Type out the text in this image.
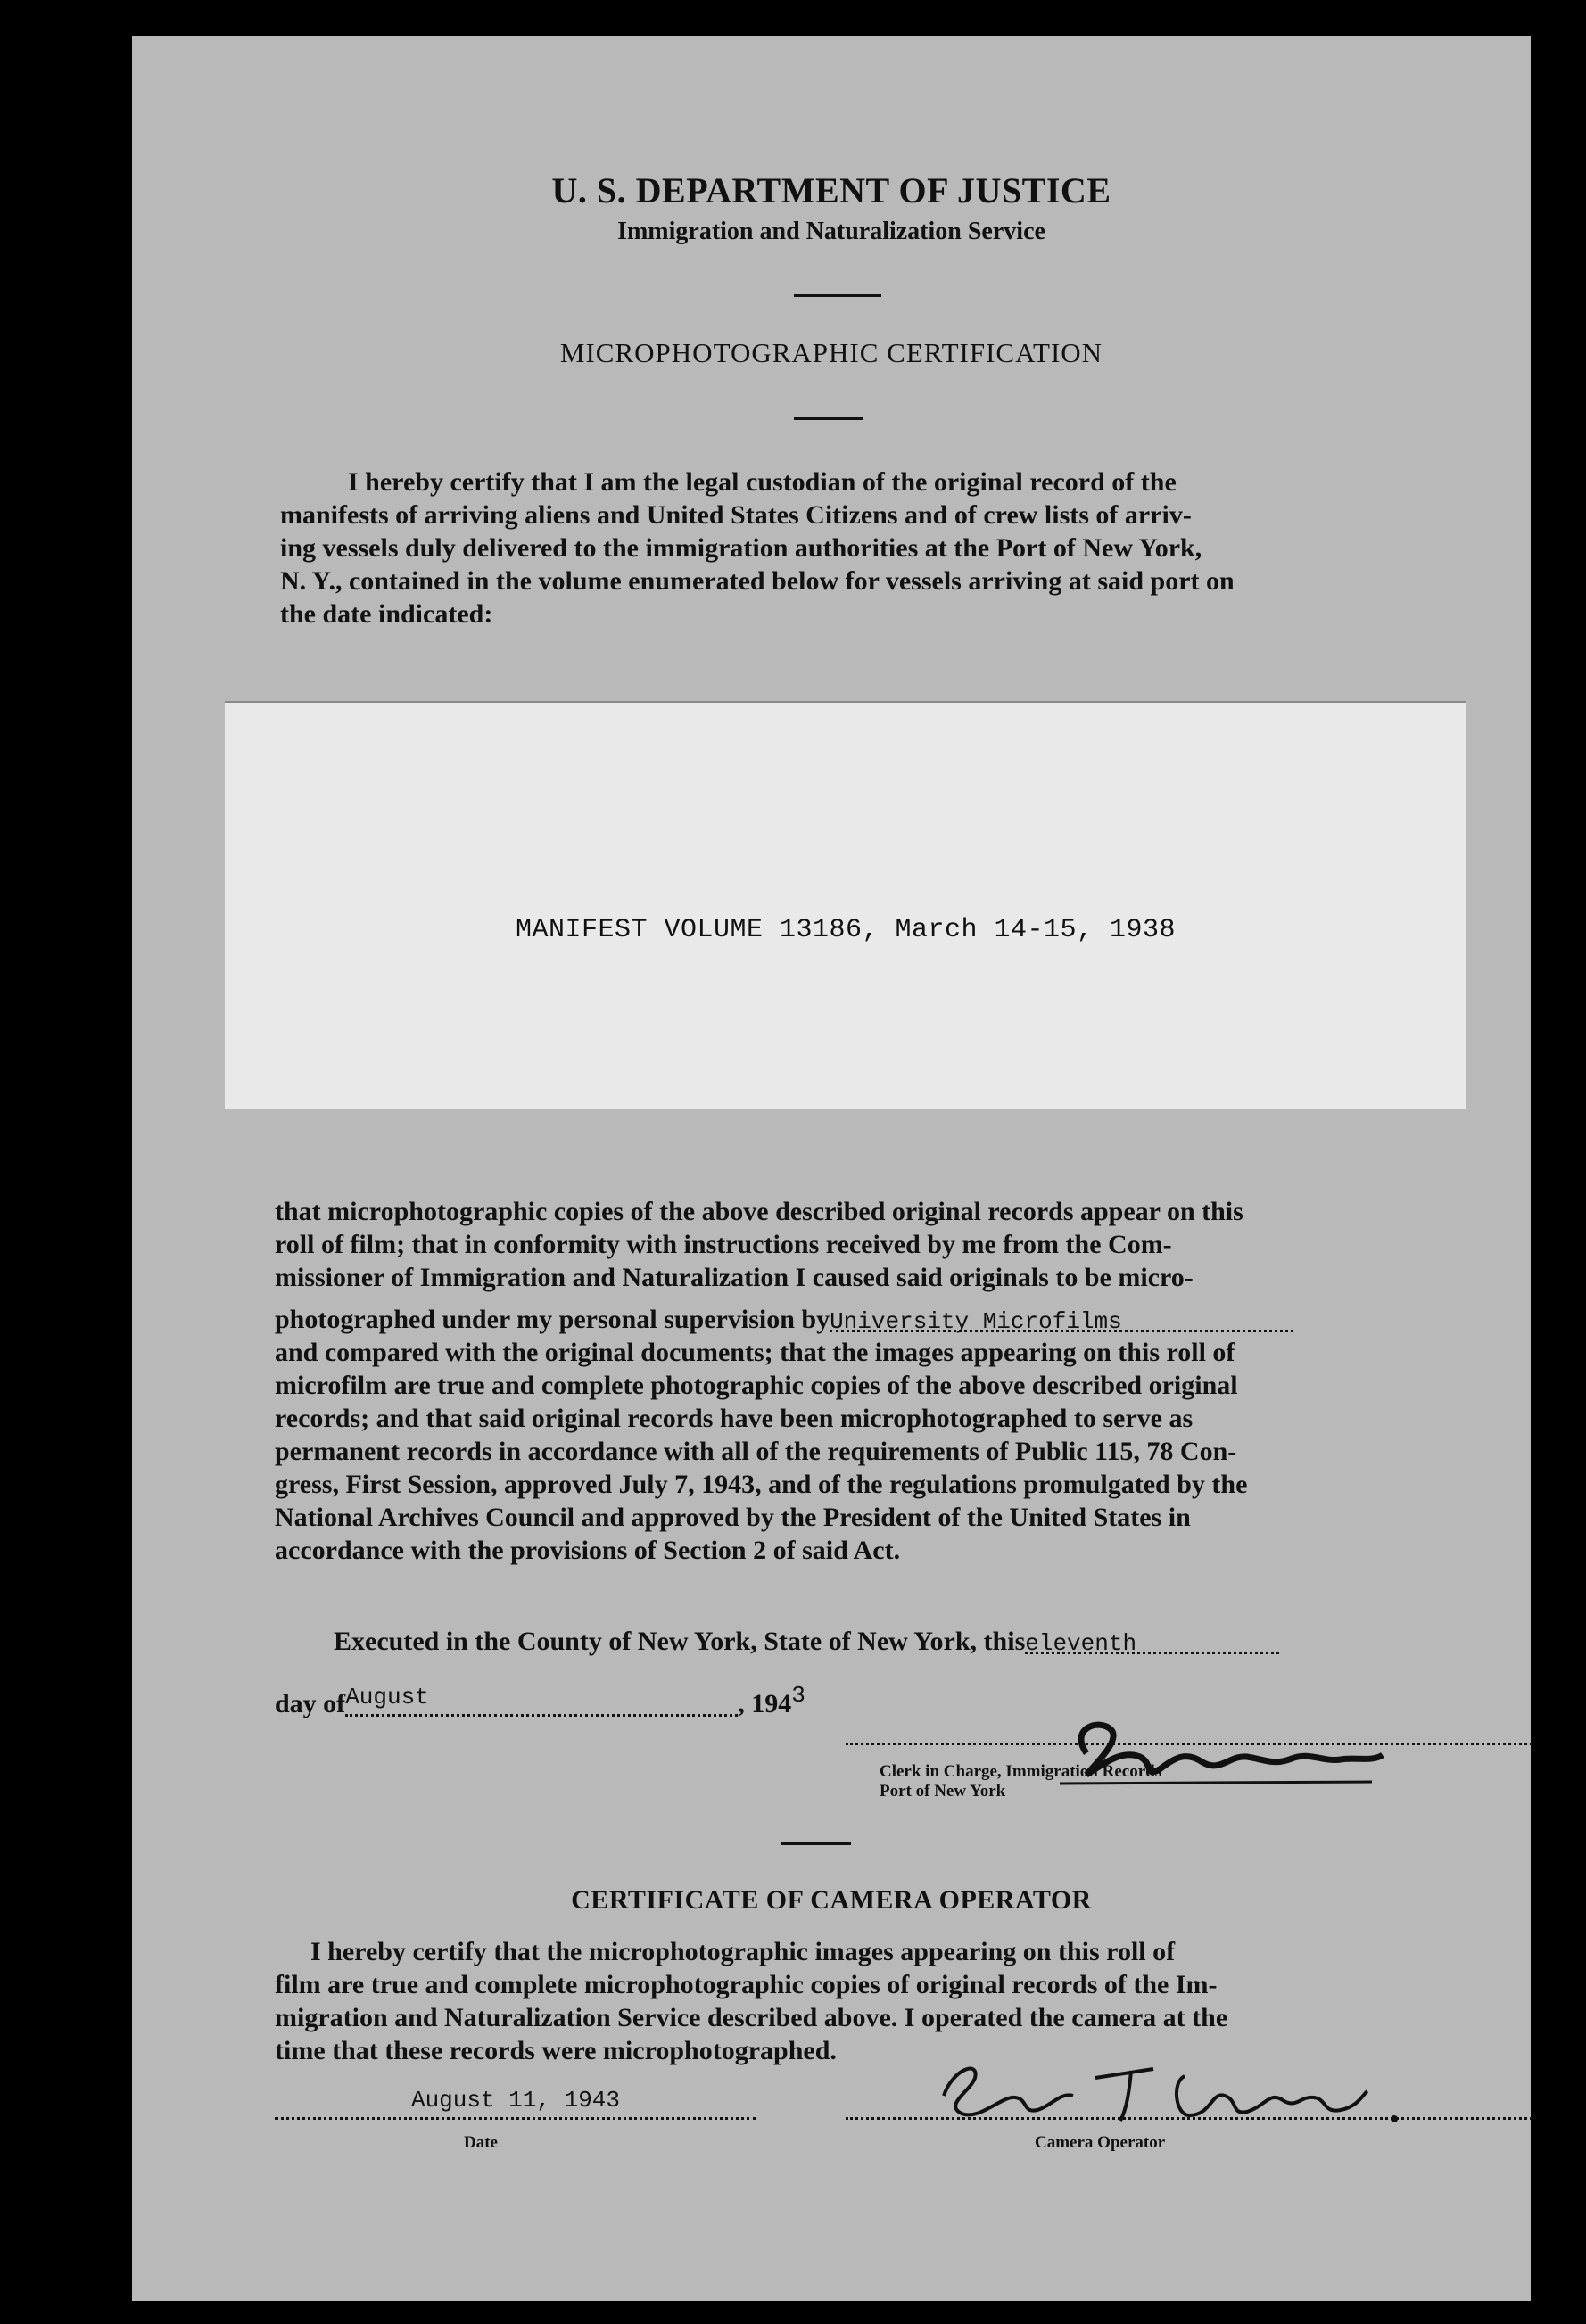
U. S. DEPARTMENT OF JUSTICE
Immigration and Naturalization Service
MICROPHOTOGRAPHIC CERTIFICATION

I hereby certify that I am the legal custodian of the original record of the

manifests of arriving aliens and United States Citizens and of crew lists of arriv-

ing vessels duly delivered to the immigration authorities at the Port of New York,

N. Y., contained in the volume enumerated below for vessels arriving at said port on

the date indicated:

MANIFEST VOLUME 13186, March 14-15, 1938

that microphotographic copies of the above described original records appear on this

roll of film; that in conformity with instructions received by me from the Com-

missioner of Immigration and Naturalization I caused said originals to be micro-

photographed under my personal supervision byUniversity Microfilms

and compared with the original documents; that the images appearing on this roll of

microfilm are true and complete photographic copies of the above described original

records; and that said original records have been microphotographed to serve as

permanent records in accordance with all of the requirements of Public 115, 78 Con-

gress, First Session, approved July 7, 1943, and of the regulations promulgated by the

National Archives Council and approved by the President of the United States in

accordance with the provisions of Section 2 of said Act.

Executed in the County of New York, State of New York, thiseleventh
day ofAugust	, 1943
Clerk in Charge, Immigration Records
Port of New York
CERTIFICATE OF CAMERA OPERATOR

I hereby certify that the microphotographic images appearing on this roll of

film are true and complete microphotographic copies of original records of the Im-

migration and Naturalization Service described above. I operated the camera at the

time that these records were microphotographed.

August 11, 1943
Date	Camera Operator
